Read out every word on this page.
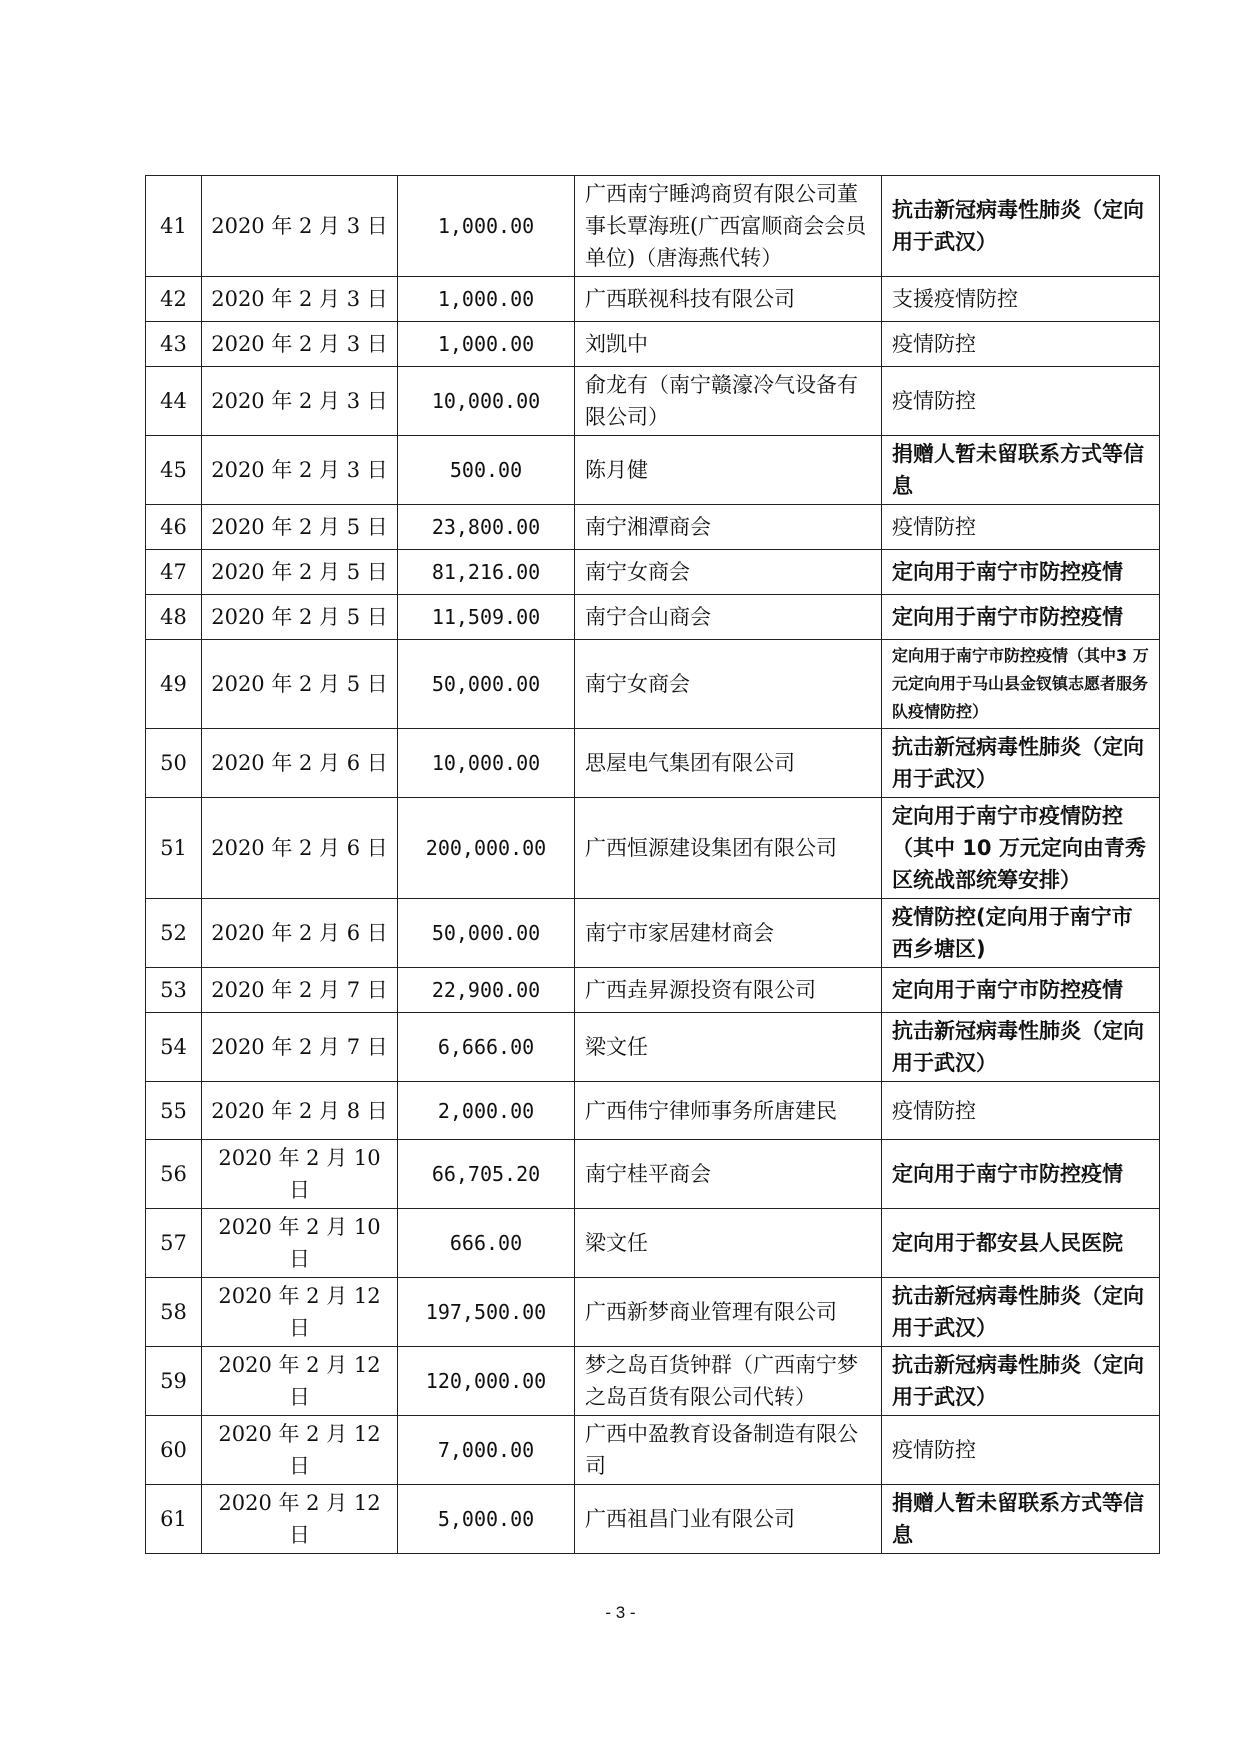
41	2020 年 2 月 3 日	1,000.00	广西南宁睡鸿商贸有限公司董事长覃海班(广西富顺商会会员单位)（唐海燕代转）	抗击新冠病毒性肺炎（定向用于武汉）
42	2020 年 2 月 3 日	1,000.00	广西联视科技有限公司	支援疫情防控
43	2020 年 2 月 3 日	1,000.00	刘凯中	疫情防控
44	2020 年 2 月 3 日	10,000.00	俞龙有（南宁赣濠冷气设备有限公司）	疫情防控
45	2020 年 2 月 3 日	500.00	陈月健	捐赠人暂未留联系方式等信息
46	2020 年 2 月 5 日	23,800.00	南宁湘潭商会	疫情防控
47	2020 年 2 月 5 日	81,216.00	南宁女商会	定向用于南宁市防控疫情
48	2020 年 2 月 5 日	11,509.00	南宁合山商会	定向用于南宁市防控疫情
49	2020 年 2 月 5 日	50,000.00	南宁女商会	定向用于南宁市防控疫情（其中3 万元定向用于马山县金钗镇志愿者服务队疫情防控）
50	2020 年 2 月 6 日	10,000.00	思屋电气集团有限公司	抗击新冠病毒性肺炎（定向用于武汉）
51	2020 年 2 月 6 日	200,000.00	广西恒源建设集团有限公司	定向用于南宁市疫情防控（其中 10 万元定向由青秀区统战部统筹安排）
52	2020 年 2 月 6 日	50,000.00	南宁市家居建材商会	疫情防控(定向用于南宁市西乡塘区)
53	2020 年 2 月 7 日	22,900.00	广西垚昇源投资有限公司	定向用于南宁市防控疫情
54	2020 年 2 月 7 日	6,666.00	梁文任	抗击新冠病毒性肺炎（定向用于武汉）
55	2020 年 2 月 8 日	2,000.00	广西伟宁律师事务所唐建民	疫情防控
56	2020 年 2 月 10 日	66,705.20	南宁桂平商会	定向用于南宁市防控疫情
57	2020 年 2 月 10 日	666.00	梁文任	定向用于都安县人民医院
58	2020 年 2 月 12 日	197,500.00	广西新梦商业管理有限公司	抗击新冠病毒性肺炎（定向用于武汉）
59	2020 年 2 月 12 日	120,000.00	梦之岛百货钟群（广西南宁梦之岛百货有限公司代转）	抗击新冠病毒性肺炎（定向用于武汉）
60	2020 年 2 月 12 日	7,000.00	广西中盈教育设备制造有限公司	疫情防控
61	2020 年 2 月 12 日	5,000.00	广西祖昌门业有限公司	捐赠人暂未留联系方式等信息
- 3 -
